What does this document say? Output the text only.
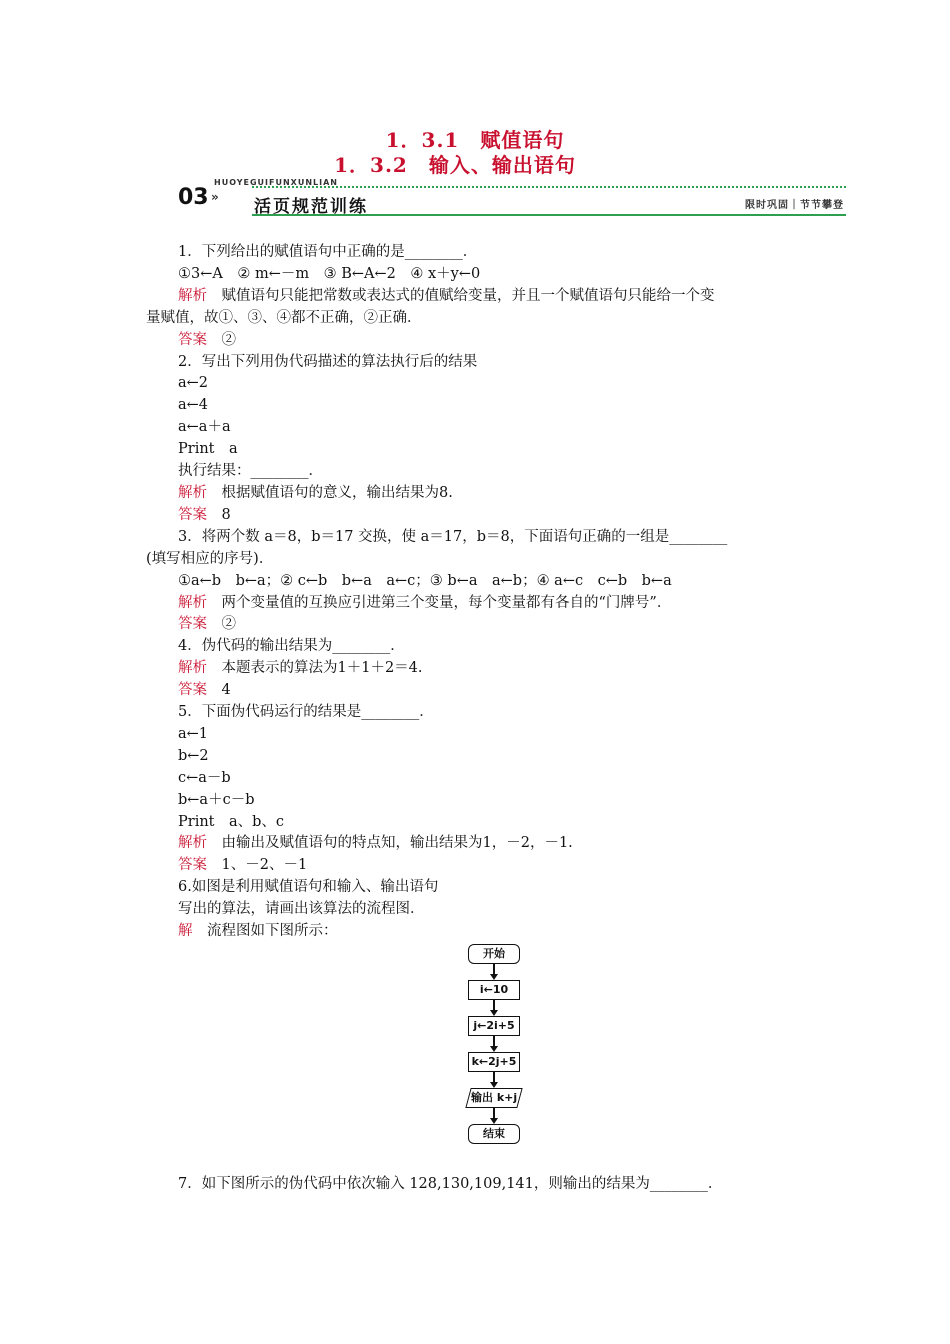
1．3.1　赋值语句
1．3.2　输入、输出语句
HUOYEGUIFUNXUNLIAN
03 » 活页规范训练	限时巩固｜节节攀登
1．下列给出的赋值语句中正确的是________．
①3←A　② m←－m　③ B←A←2　④ x＋y←0
解析　赋值语句只能把常数或表达式的值赋给变量，并且一个赋值语句只能给一个变
量赋值，故①、③、④都不正确，②正确．
答案　②
2．写出下列用伪代码描述的算法执行后的结果
a←2
a←4
a←a＋a
Print　a
执行结果：________．
解析　根据赋值语句的意义，输出结果为8.
答案　8
3．将两个数 a＝8，b＝17 交换，使 a＝17，b＝8，下面语句正确的一组是________
(填写相应的序号)．
①a←b　b←a；② c←b　b←a　a←c；③ b←a　a←b；④ a←c　c←b　b←a
解析　两个变量值的互换应引进第三个变量，每个变量都有各自的“门牌号”．
答案　②
4．伪代码的输出结果为________．
解析　本题表示的算法为1＋1＋2＝4.
答案　4
5．下面伪代码运行的结果是________．
a←1
b←2
c←a－b
b←a＋c－b
Print　a、b、c
解析　由输出及赋值语句的特点知，输出结果为1，－2，－1.
答案　1、－2、－1
6.如图是利用赋值语句和输入、输出语句
写出的算法，请画出该算法的流程图．
解　流程图如下图所示：
开始
i←10
j←2i+5
k←2j+5
输出 k+j
结束
7．如下图所示的伪代码中依次输入 128,130,109,141，则输出的结果为________．
